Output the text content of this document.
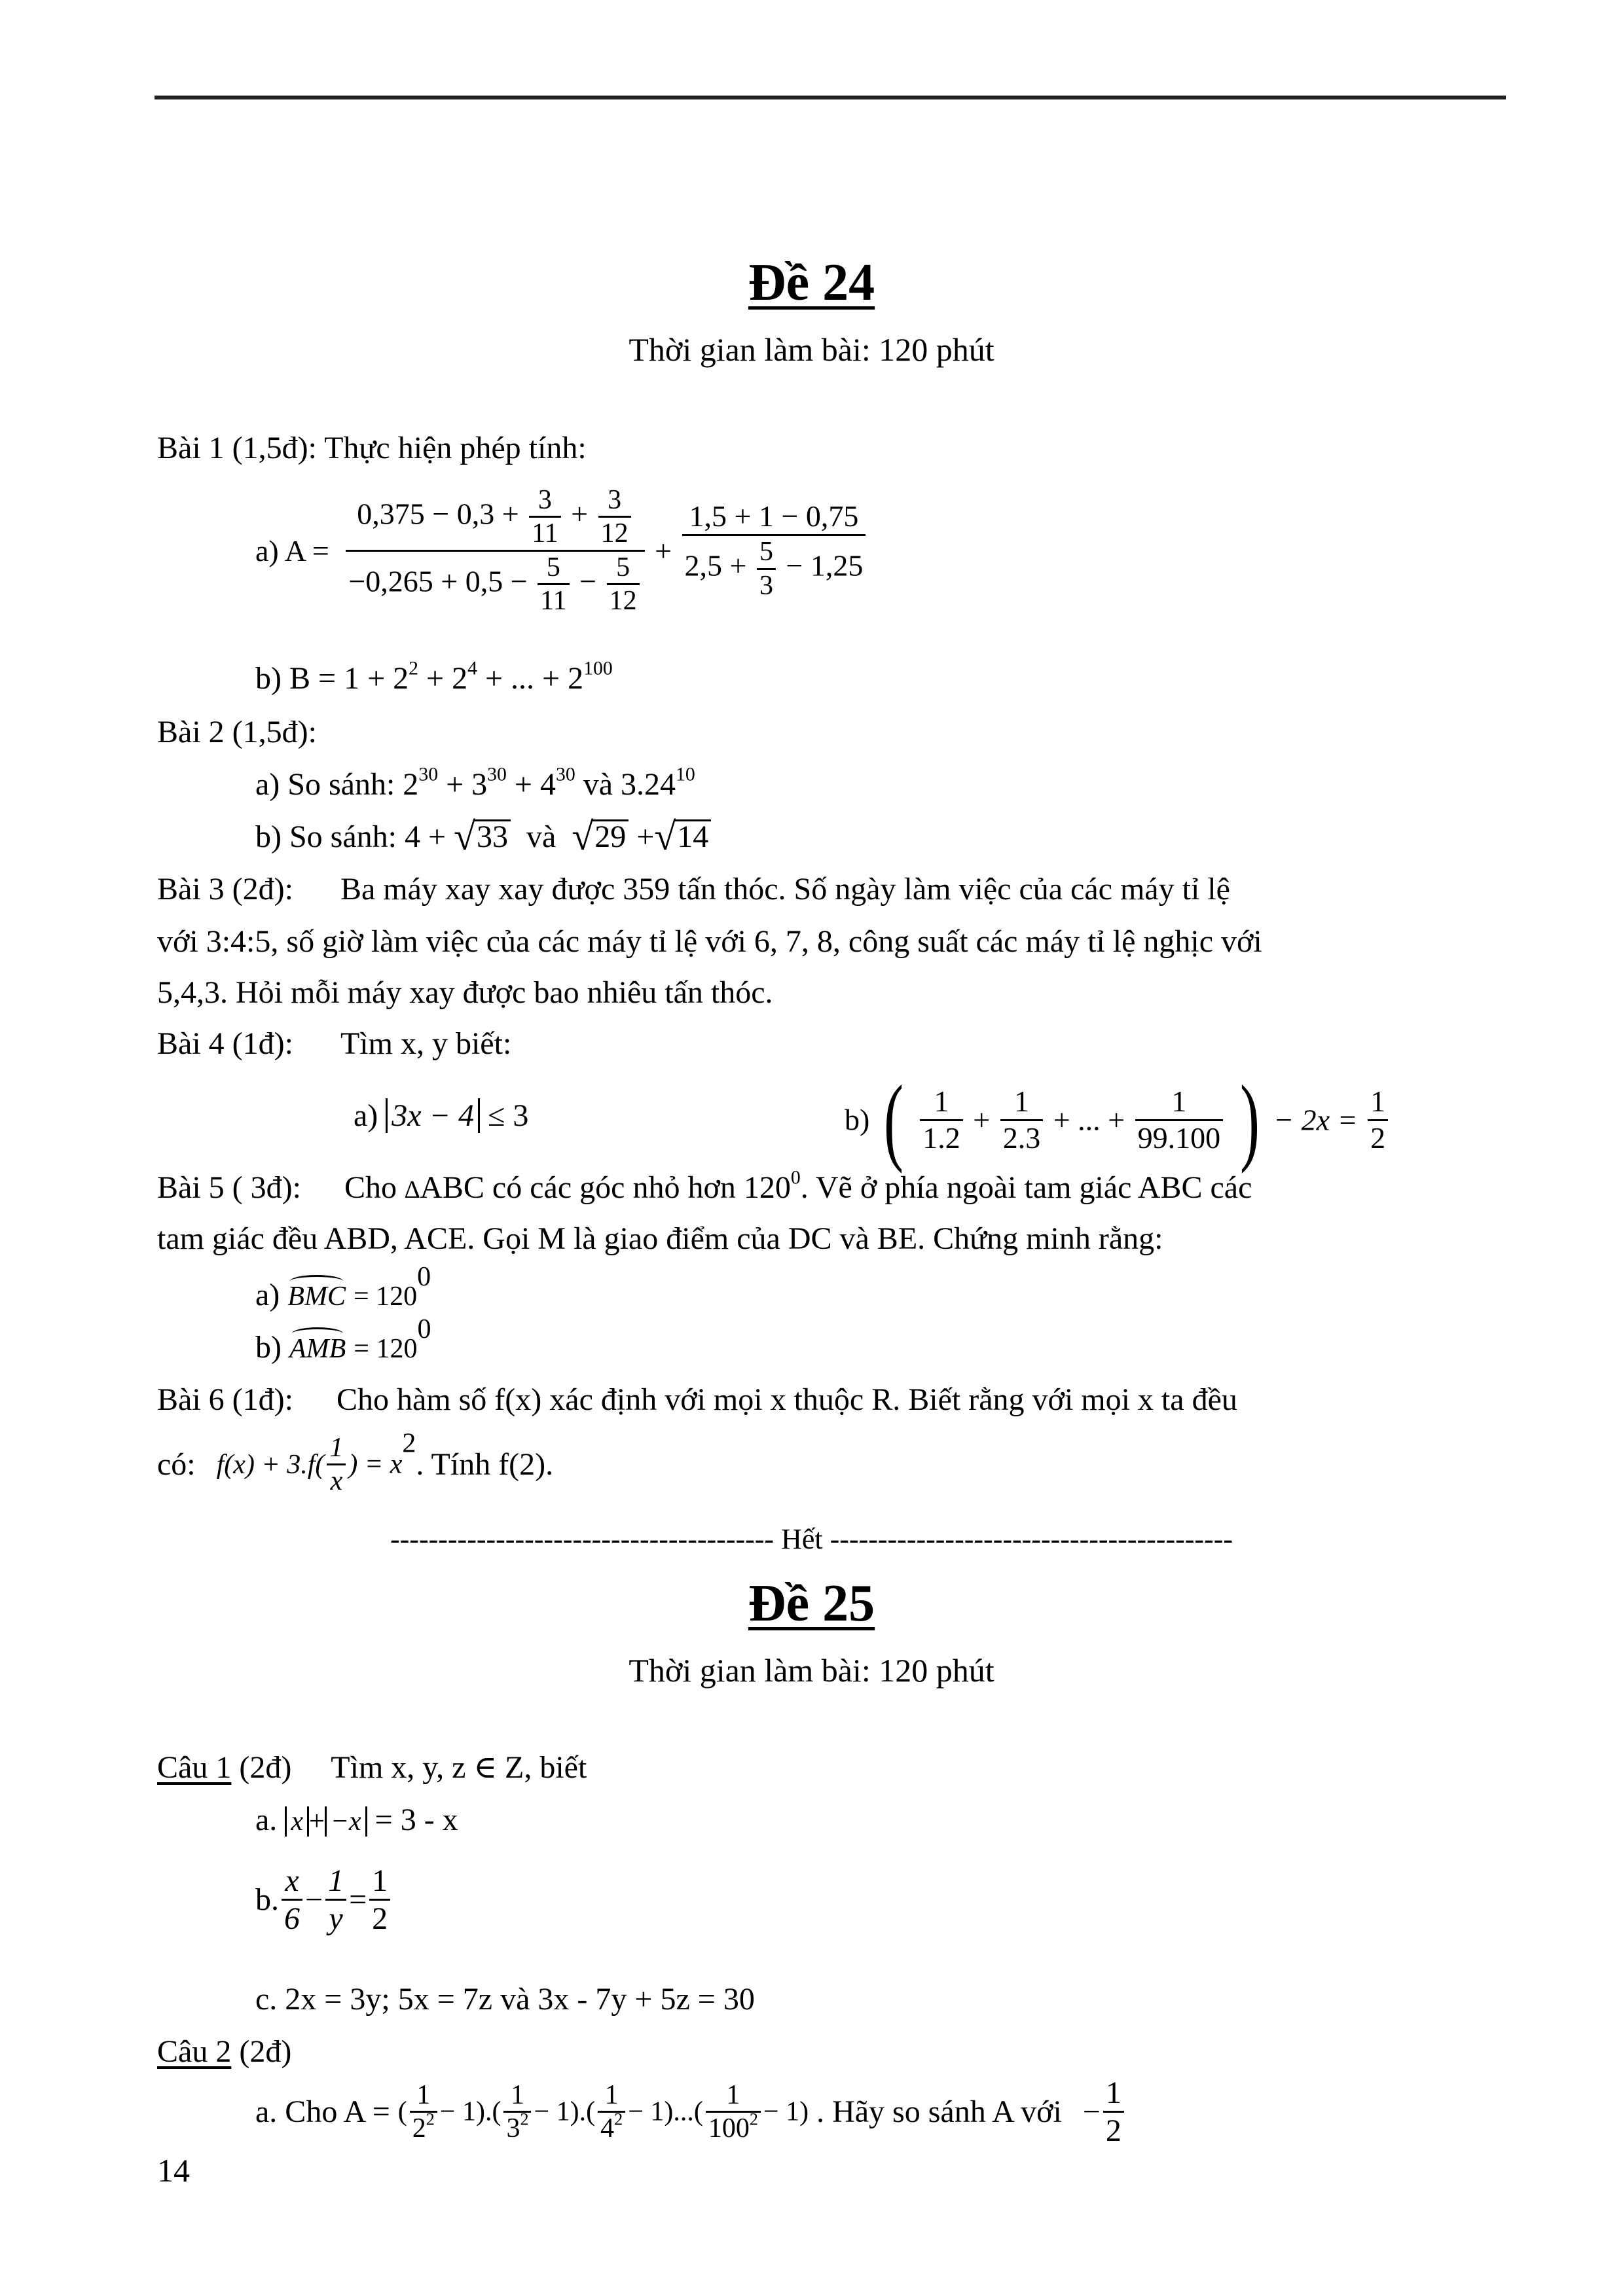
Đề 24
Thời gian làm bài: 120 phút
Bài 1 (1,5đ): Thực hiện phép tính:
a) $A = \frac{0,375 - 0,3 + \frac{3}{11} + \frac{3}{12}}{-0,265 + 0,5 - \frac{5}{11} - \frac{5}{12}} + \frac{1,5 + 1 - 0,75}{2,5 + \frac{5}{3} - 1,25}$
b) $B = 1 + 2^2 + 2^4$ + ... + $2^{100}$
Bài 2 (1,5đ):
a) So sánh: $2^{30} + 3^{30} + 4^{30}$ và 3.24$^{10}$
b) So sánh: 4 + √33 và √29 +√14
Bài 3 (2đ): Ba máy xay xay được 359 tấn thóc. Số ngày làm việc của các máy tỉ lệ
với 3:4:5, số giờ làm việc của các máy tỉ lệ với 6, 7, 8, công suất các máy tỉ lệ nghịc với
5,4,3. Hỏi mỗi máy xay được bao nhiêu tấn thóc.
Bài 4 (1đ): Tìm x, y biết:
a) 3x − 4 ≤ 3	b) ( $\frac{1}{1.2} + \frac{1}{2.3}$ + ... + $\frac{1}{99.100}$ ) − $2x = \frac{1}{2}$
Bài 5 ( 3đ): Cho ∆ABC có các góc nhỏ hơn $120^0$. Vẽ ở phía ngoài tam giác ABC các
tam giác đều ABD, ACE. Gọi M là giao điểm của DC và BE. Chứng minh rằng:
a) BMC = $120^0$
b) AMB = $120^0$
Bài 6 (1đ): Cho hàm số f(x) xác định với mọi x thuộc R. Biết rằng với mọi x ta đều
có: $f(x) + 3.f( \frac{1}{x}$ ) = $x^2$. Tính f(2).
---------------------------------------- Hết ------------------------------------------
Đề 25
Thời gian làm bài: 120 phút
Câu 1 (2đ) Tìm x, y, z ∈ Z, biết
a. x + −x = 3 - x
b. $\frac{x}{6} - \frac{1}{y} = \frac{1}{2}$
c. 2x = 3y; 5x = 7z và 3x - 7y + 5z = 30
Câu 2 (2đ)
a. Cho A = ( $\frac{1}{2^2} - 1).( \frac{1}{3^2} - 1).( \frac{1}{4^2} - 1)...( \frac{1}{100^2} - 1)$ . Hãy so sánh A với − $\frac{1}{2}$
14
